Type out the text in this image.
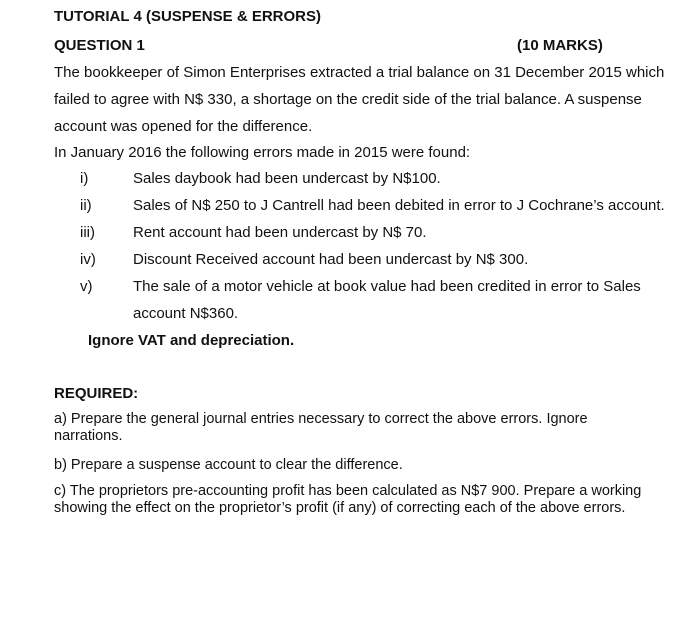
TUTORIAL 4 (SUSPENSE & ERRORS)
QUESTION 1	(10 MARKS)
The bookkeeper of Simon Enterprises extracted a trial balance on 31 December 2015 which
failed to agree with N$ 330, a shortage on the credit side of the trial balance. A suspense
account was opened for the difference.
In January 2016 the following errors made in 2015 were found:
i)	Sales daybook had been undercast by N$100.
ii)	Sales of N$ 250 to J Cantrell had been debited in error to J Cochrane’s account.
iii)	Rent account had been undercast by N$ 70.
iv) Discount Received account had been undercast by N$ 300.
v)	The sale of a motor vehicle at book value had been credited in error to Sales
account N$360.
Ignore VAT and depreciation.
REQUIRED:
a) Prepare the general journal entries necessary to correct the above errors. Ignore
narrations.
b) Prepare a suspense account to clear the difference.
c) The proprietors pre-accounting profit has been calculated as N$7 900. Prepare a working
showing the effect on the proprietor’s profit (if any) of correcting each of the above errors.
